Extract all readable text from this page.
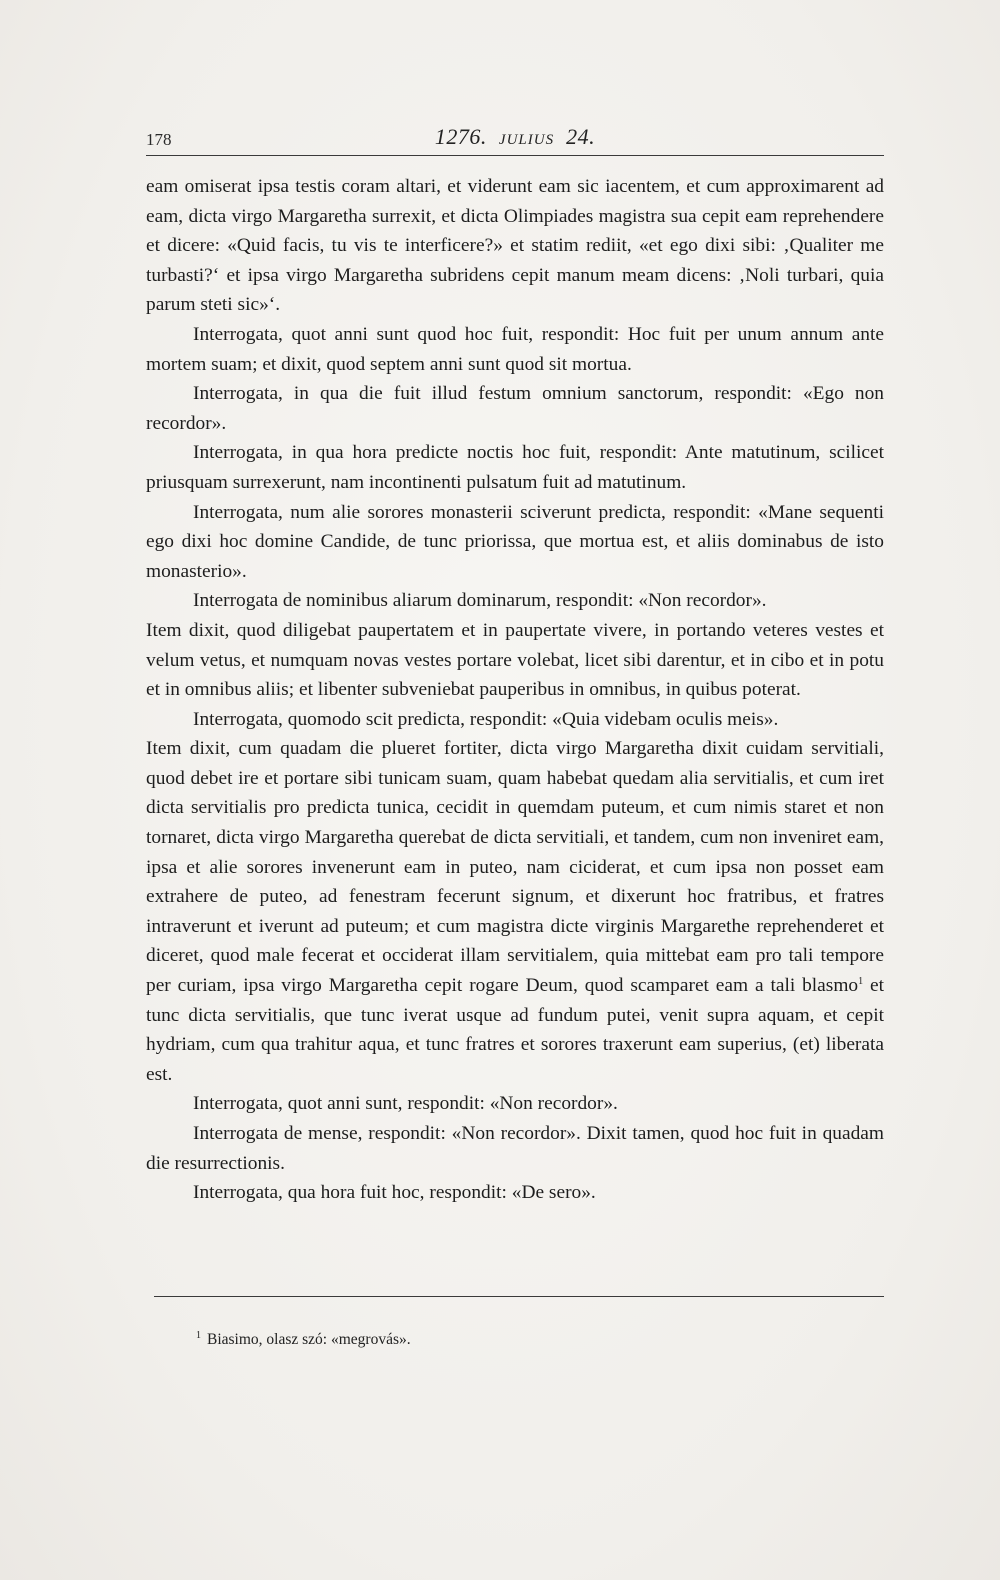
178	1276. JULIUS 24.

eam omiserat ipsa testis coram altari, et viderunt eam sic iacentem, et cum approximarent ad eam, dicta virgo Margaretha surrexit, et dicta Olimpiades magistra sua cepit eam reprehendere et dicere: «Quid facis, tu vis te interficere?» et statim rediit, «et ego dixi sibi: ‚Qualiter me turbasti?‘ et ipsa virgo Margaretha subridens cepit manum meam dicens: ‚Noli turbari, quia parum steti sic»‘.

Interrogata, quot anni sunt quod hoc fuit, respondit: Hoc fuit per unum annum ante mortem suam; et dixit, quod septem anni sunt quod sit mortua.

Interrogata, in qua die fuit illud festum omnium sanctorum, respondit: «Ego non recordor».

Interrogata, in qua hora predicte noctis hoc fuit, respondit: Ante matutinum, scilicet priusquam surrexerunt, nam incontinenti pulsatum fuit ad matutinum.

Interrogata, num alie sorores monasterii sciverunt predicta, respondit: «Mane sequenti ego dixi hoc domine Candide, de tunc priorissa, que mortua est, et aliis dominabus de isto monasterio».

Interrogata de nominibus aliarum dominarum, respondit: «Non recordor».

Item dixit, quod diligebat paupertatem et in paupertate vivere, in portando veteres vestes et velum vetus, et numquam novas vestes portare volebat, licet sibi darentur, et in cibo et in potu et in omnibus aliis; et libenter subveniebat pauperibus in omnibus, in quibus poterat.

Interrogata, quomodo scit predicta, respondit: «Quia videbam oculis meis».

Item dixit, cum quadam die plueret fortiter, dicta virgo Margaretha dixit cuidam servitiali, quod debet ire et portare sibi tunicam suam, quam habebat quedam alia servitialis, et cum iret dicta servitialis pro predicta tunica, cecidit in quemdam puteum, et cum nimis staret et non tornaret, dicta virgo Margaretha querebat de dicta servitiali, et tandem, cum non inveniret eam, ipsa et alie sorores invenerunt eam in puteo, nam ciciderat, et cum ipsa non posset eam extrahere de puteo, ad fenestram fecerunt signum, et dixerunt hoc fratribus, et fratres intraverunt et iverunt ad puteum; et cum magistra dicte virginis Margarethe reprehenderet et diceret, quod male fecerat et occiderat illam servitialem, quia mittebat eam pro tali tempore per curiam, ipsa virgo Margaretha cepit rogare Deum, quod scamparet eam a tali blasmo$^1$ et tunc dicta servitialis, que tunc iverat usque ad fundum putei, venit supra aquam, et cepit hydriam, cum qua trahitur aqua, et tunc fratres et sorores traxerunt eam superius, (et) liberata est.

Interrogata, quot anni sunt, respondit: «Non recordor».

Interrogata de mense, respondit: «Non recordor». Dixit tamen, quod hoc fuit in quadam die resurrectionis.

Interrogata, qua hora fuit hoc, respondit: «De sero».

$^1$ Biasimo, olasz szó: «megrovás».
